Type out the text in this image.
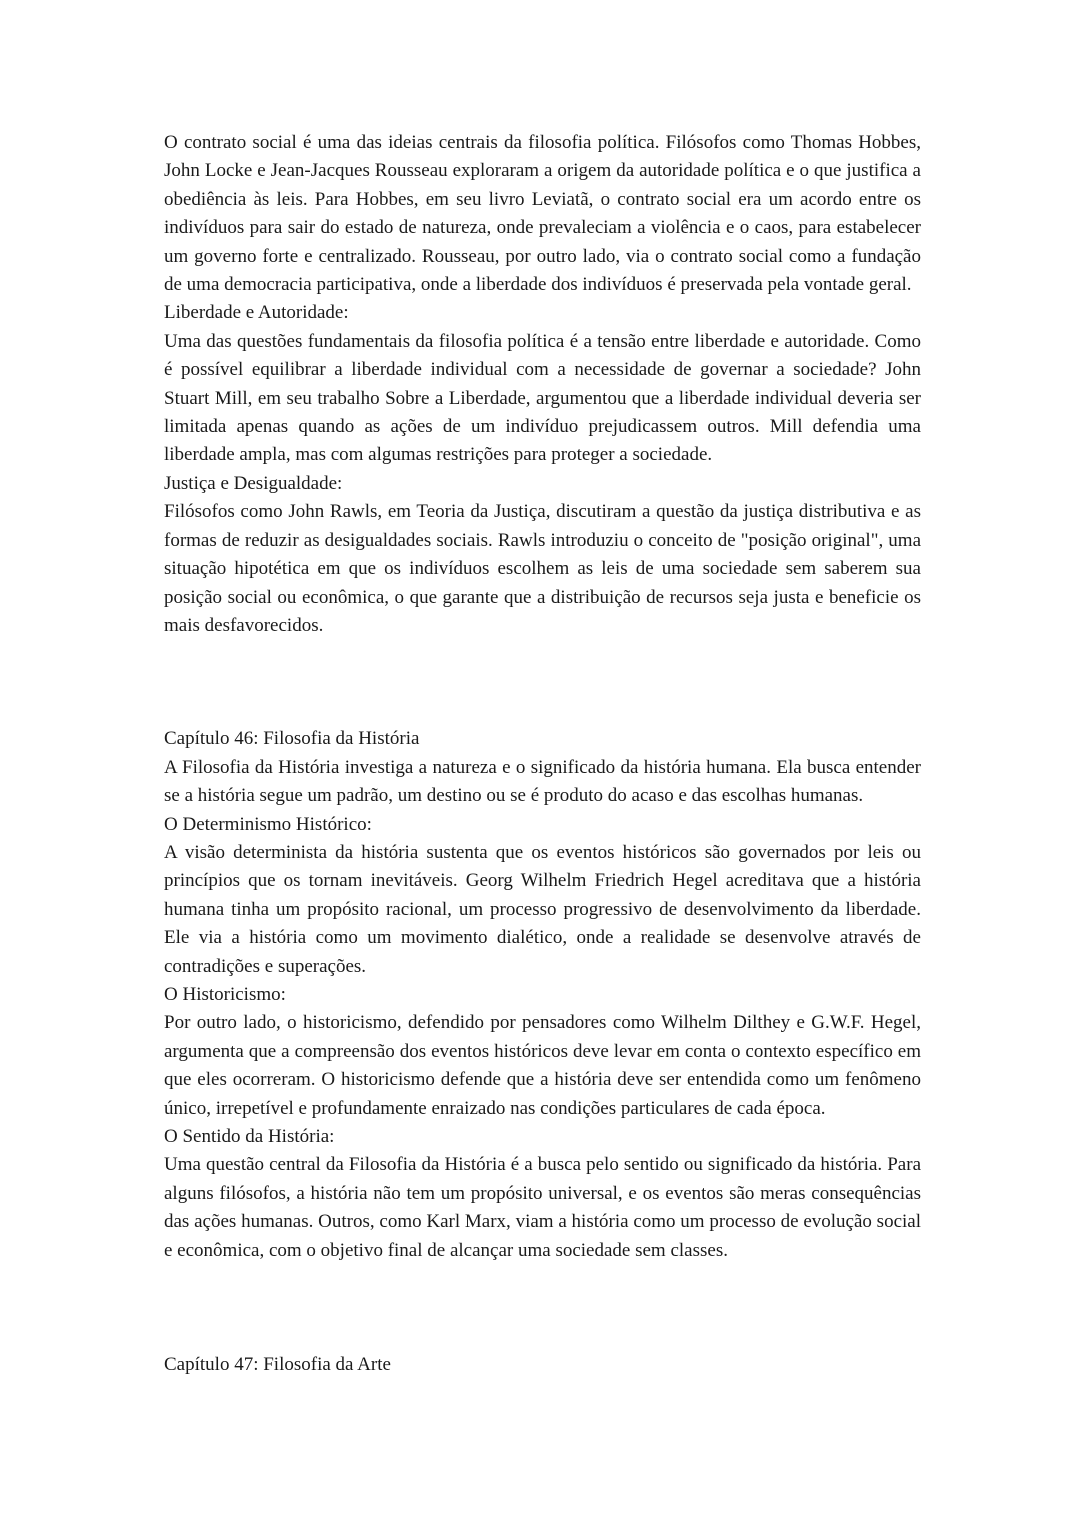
O contrato social é uma das ideias centrais da filosofia política. Filósofos como Thomas Hobbes, John Locke e Jean-Jacques Rousseau exploraram a origem da autoridade política e o que justifica a obediência às leis. Para Hobbes, em seu livro Leviatã, o contrato social era um acordo entre os indivíduos para sair do estado de natureza, onde prevaleciam a violência e o caos, para estabelecer um governo forte e centralizado. Rousseau, por outro lado, via o contrato social como a fundação de uma democracia participativa, onde a liberdade dos indivíduos é preservada pela vontade geral.

Liberdade e Autoridade:

Uma das questões fundamentais da filosofia política é a tensão entre liberdade e autoridade. Como é possível equilibrar a liberdade individual com a necessidade de governar a sociedade? John Stuart Mill, em seu trabalho Sobre a Liberdade, argumentou que a liberdade individual deveria ser limitada apenas quando as ações de um indivíduo prejudicassem outros. Mill defendia uma liberdade ampla, mas com algumas restrições para proteger a sociedade.

Justiça e Desigualdade:

Filósofos como John Rawls, em Teoria da Justiça, discutiram a questão da justiça distributiva e as formas de reduzir as desigualdades sociais. Rawls introduziu o conceito de "posição original", uma situação hipotética em que os indivíduos escolhem as leis de uma sociedade sem saberem sua posição social ou econômica, o que garante que a distribuição de recursos seja justa e beneficie os mais desfavorecidos.

Capítulo 46: Filosofia da História

A Filosofia da História investiga a natureza e o significado da história humana. Ela busca entender se a história segue um padrão, um destino ou se é produto do acaso e das escolhas humanas.

O Determinismo Histórico:

A visão determinista da história sustenta que os eventos históricos são governados por leis ou princípios que os tornam inevitáveis. Georg Wilhelm Friedrich Hegel acreditava que a história humana tinha um propósito racional, um processo progressivo de desenvolvimento da liberdade. Ele via a história como um movimento dialético, onde a realidade se desenvolve através de contradições e superações.

O Historicismo:

Por outro lado, o historicismo, defendido por pensadores como Wilhelm Dilthey e G.W.F. Hegel, argumenta que a compreensão dos eventos históricos deve levar em conta o contexto específico em que eles ocorreram. O historicismo defende que a história deve ser entendida como um fenômeno único, irrepetível e profundamente enraizado nas condições particulares de cada época.

O Sentido da História:

Uma questão central da Filosofia da História é a busca pelo sentido ou significado da história. Para alguns filósofos, a história não tem um propósito universal, e os eventos são meras consequências das ações humanas. Outros, como Karl Marx, viam a história como um processo de evolução social e econômica, com o objetivo final de alcançar uma sociedade sem classes.

Capítulo 47: Filosofia da Arte
